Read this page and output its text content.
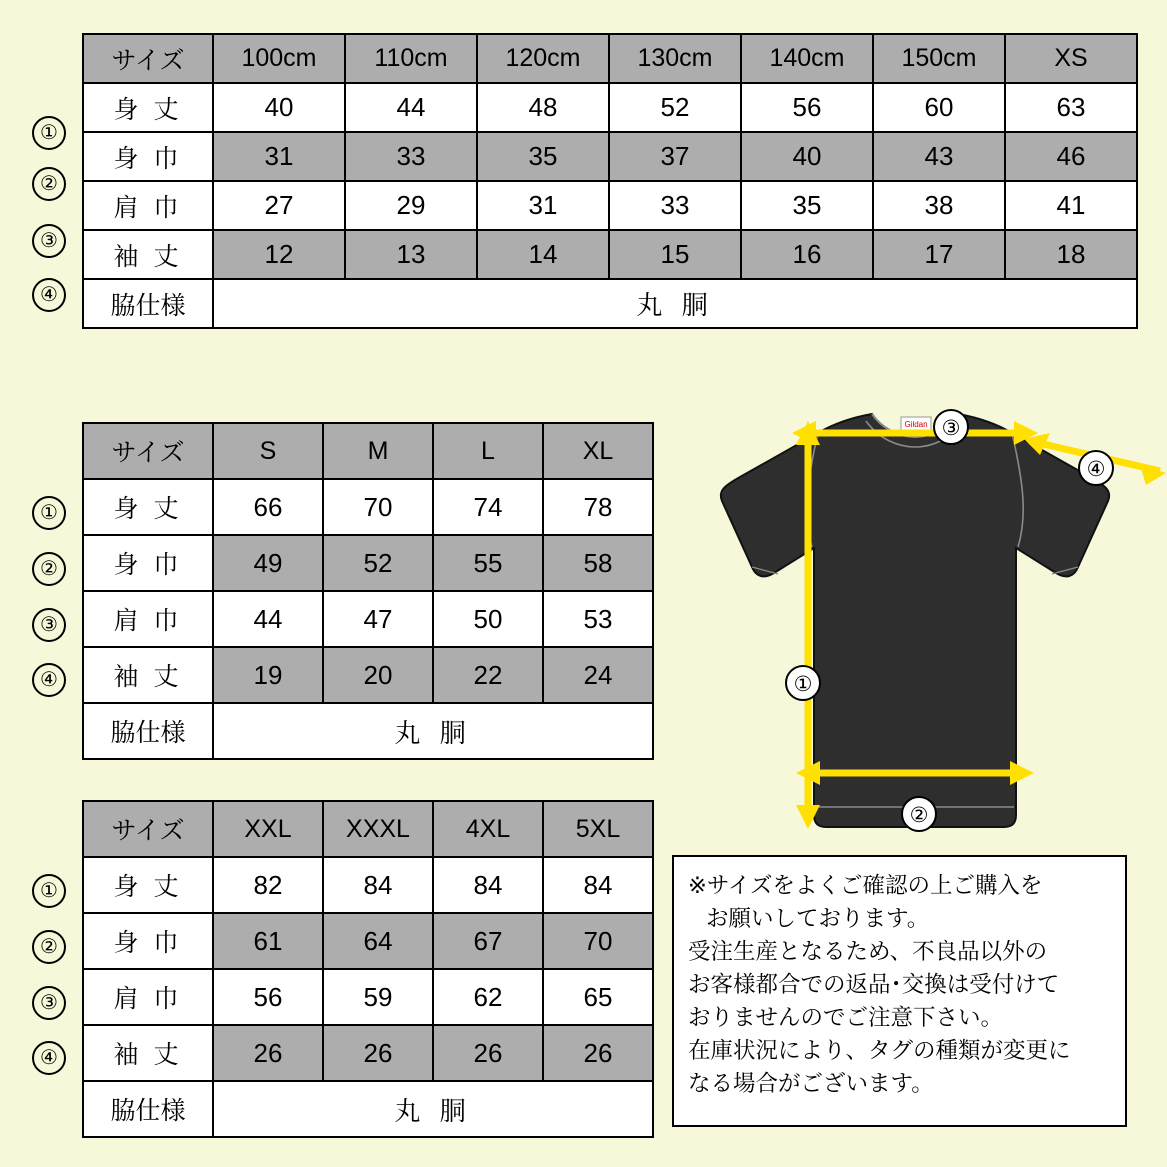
①
②
③
④
サイズ	100cm	110cm	120cm	130cm	140cm	150cm	XS
身 丈	40	44	48	52	56	60	63
身 巾	31	33	35	37	40	43	46
肩 巾	27	29	31	33	35	38	41
袖 丈	12	13	14	15	16	17	18
脇仕様	丸 胴						
①
②
③
④
サイズ	S	M	L	XL
身 丈	66	70	74	78
身 巾	49	52	55	58
肩 巾	44	47	50	53
袖 丈	19	20	22	24
脇仕様	丸 胴			
①
②
③
④
サイズ	XXL	XXXL	4XL	5XL
身 丈	82	84	84	84
身 巾	61	64	67	70
肩 巾	56	59	62	65
袖 丈	26	26	26	26
脇仕様	丸 胴			
Gildan ③
④
①
②

※サイズをよくご確認の上ご購入を

お願いしております。

受注生産となるため、不良品以外の

お客様都合での返品･交換は受付けて

おりませんのでご注意下さい。

在庫状況により、タグの種類が変更に

なる場合がございます。
